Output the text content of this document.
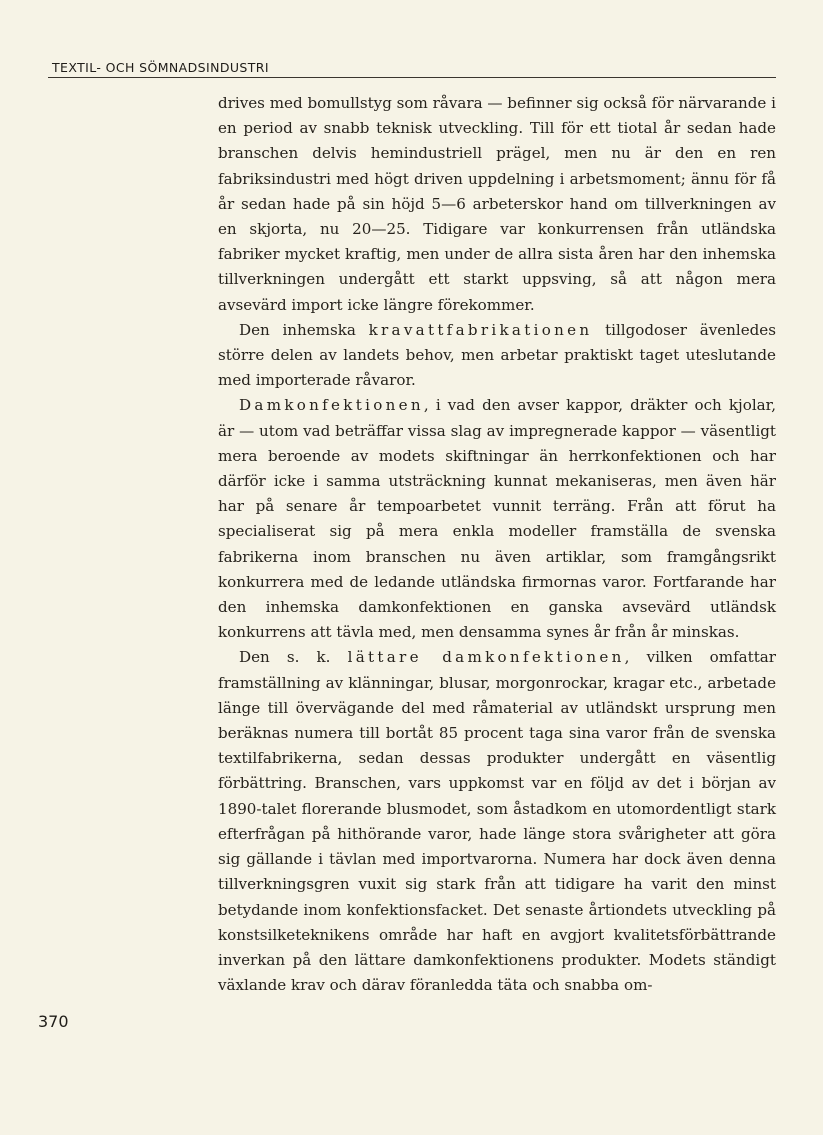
TEXTIL- OCH SÖMNADSINDUSTRI

drives med bomullstyg som råvara — befinner sig också för närvarande i en period av snabb teknisk utveckling. Till för ett tiotal år sedan hade branschen delvis hemindustriell prägel, men nu är den en ren fabriksindustri med högt driven uppdelning i arbetsmoment; ännu för få år sedan hade på sin höjd 5—6 arbeterskor hand om tillverkningen av en skjorta, nu 20—25. Tidigare var konkurrensen från utländska fabriker mycket kraftig, men under de allra sista åren har den inhemska tillverkningen undergått ett starkt uppsving, så att någon mera avsevärd import icke längre förekommer.

Den inhemska kravattfabrikationen tillgodoser ävenledes större delen av landets behov, men arbetar praktiskt taget uteslutande med importerade råvaror.

Damkonfektionen, i vad den avser kappor, dräkter och kjolar, är — utom vad beträffar vissa slag av impregnerade kappor — väsentligt mera beroende av modets skiftningar än herrkonfektionen och har därför icke i samma utsträckning kunnat mekaniseras, men även här har på senare år tempoarbetet vunnit terräng. Från att förut ha specialiserat sig på mera enkla modeller framställa de svenska fabrikerna inom branschen nu även artiklar, som framgångsrikt konkurrera med de ledande utländska firmornas varor. Fortfarande har den inhemska damkonfektionen en ganska avsevärd utländsk konkurrens att tävla med, men densamma synes år från år minskas.

Den s. k. lättare damkonfektionen, vilken omfattar framställning av klänningar, blusar, morgonrockar, kragar etc., arbetade länge till övervägande del med råmaterial av utländskt ursprung men beräknas numera till bortåt 85 procent taga sina varor från de svenska textilfabrikerna, sedan dessas produkter undergått en väsentlig förbättring. Branschen, vars uppkomst var en följd av det i början av 1890-talet florerande blusmodet, som åstadkom en utomordentligt stark efterfrågan på hithörande varor, hade länge stora svårigheter att göra sig gällande i tävlan med importvarorna. Numera har dock även denna tillverkningsgren vuxit sig stark från att tidigare ha varit den minst betydande inom konfektionsfacket. Det senaste årtiondets utveckling på konstsilketeknikens område har haft en avgjort kvalitetsförbättrande inverkan på den lättare damkonfektionens produkter. Modets ständigt växlande krav och därav föranledda täta och snabba om-

370
